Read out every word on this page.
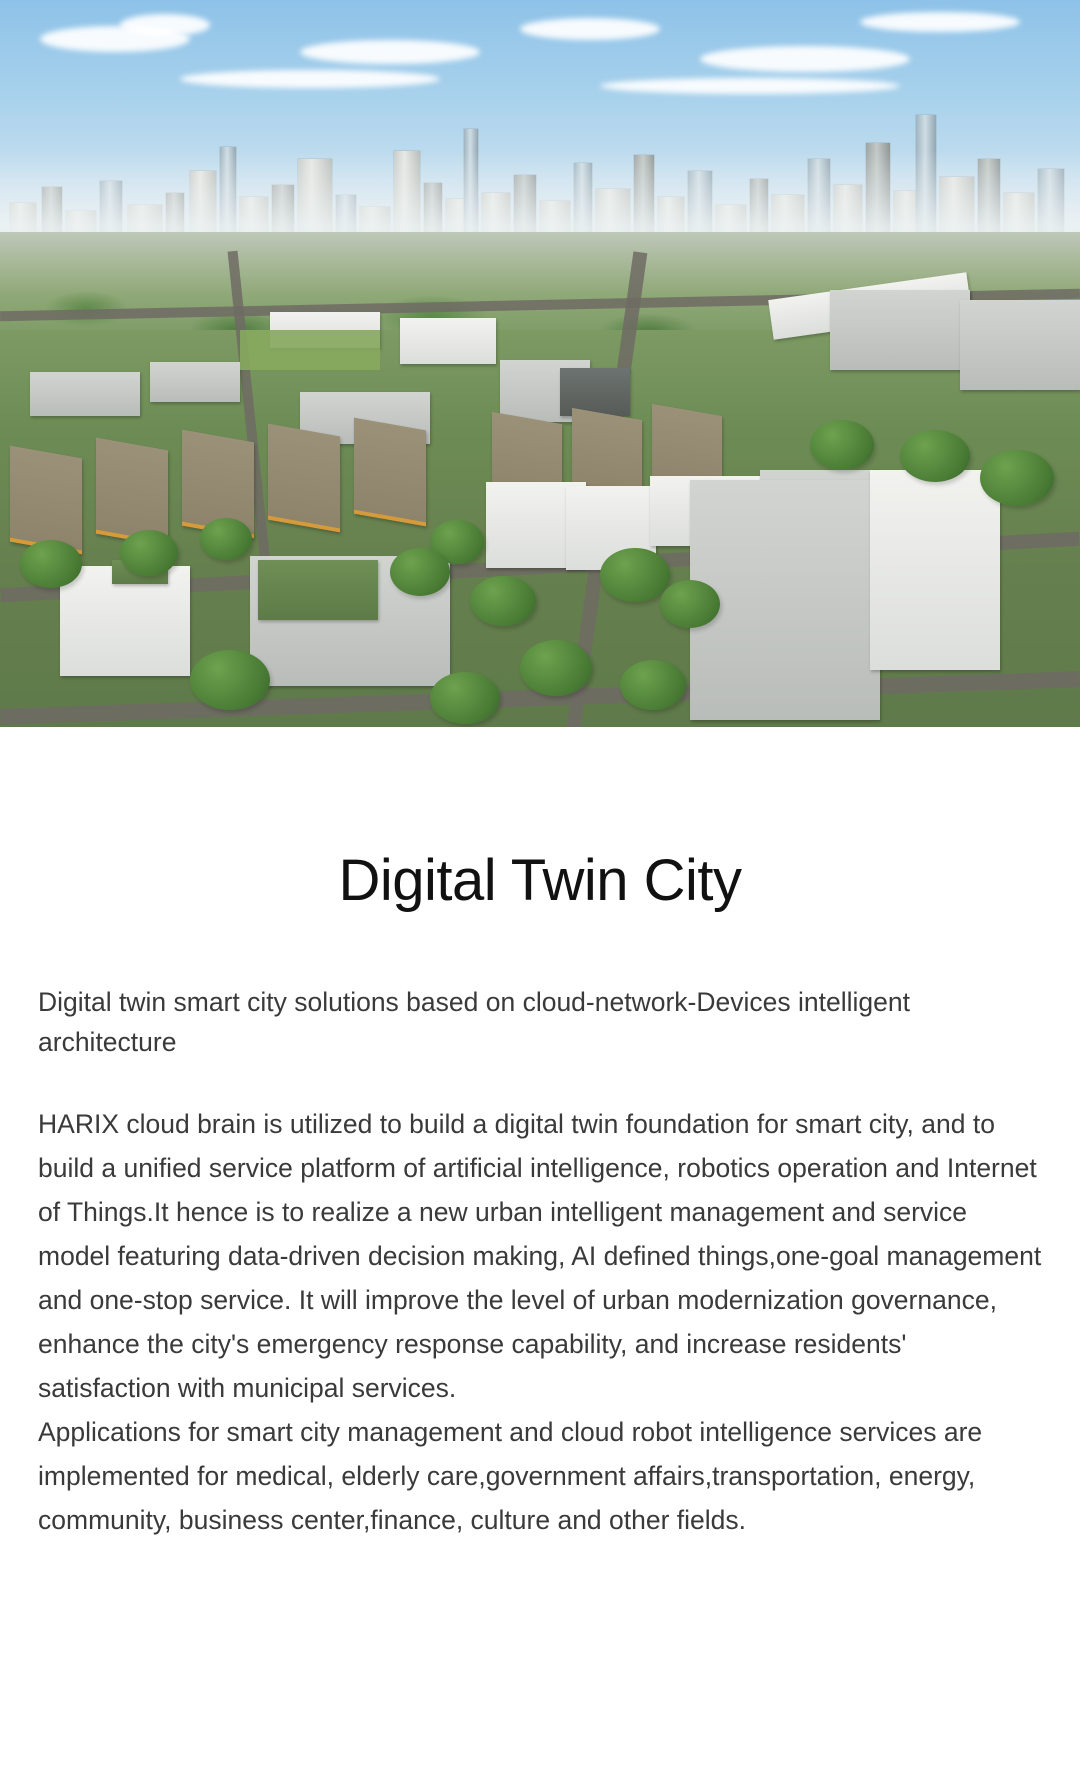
Digital Twin City

Digital twin smart city solutions based on cloud-network-Devices intelligent architecture

HARIX cloud brain is utilized to build a digital twin foundation for smart city, and to build a unified service platform of artificial intelligence, robotics operation and Internet of Things.It hence is to realize a new urban intelligent management and service model featuring data-driven decision making, AI defined things,one-goal management and one-stop service. It will improve the level of urban modernization governance, enhance the city's emergency response capability, and increase residents' satisfaction with municipal services.

Applications for smart city management and cloud robot intelligence services are implemented for medical, elderly care,government affairs,transportation, energy, community, business center,finance, culture and other fields.
